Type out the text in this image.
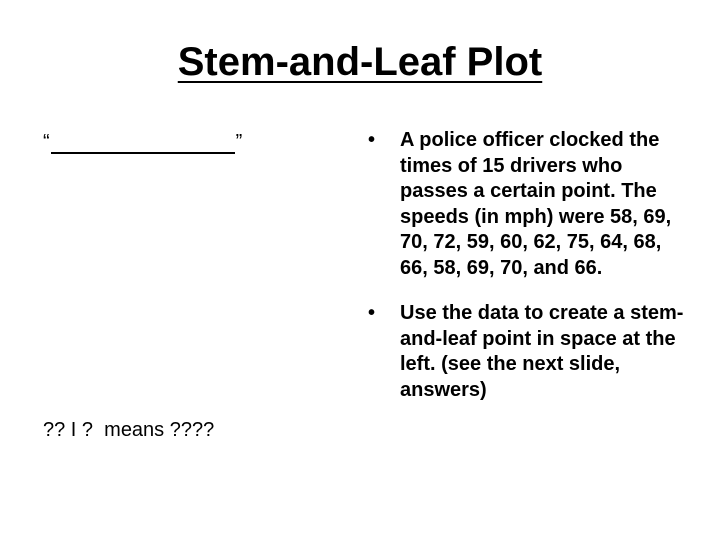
Stem-and-Leaf Plot
“	”
?? I ?  means ????
• A police officer clocked the times of 15 drivers who passes a certain point. The speeds (in mph) were 58, 69, 70, 72, 59, 60, 62, 75, 64, 68, 66, 58, 69, 70, and 66.
• Use the data to create a stem-and-leaf point in space at the left. (see the next slide, answers)
